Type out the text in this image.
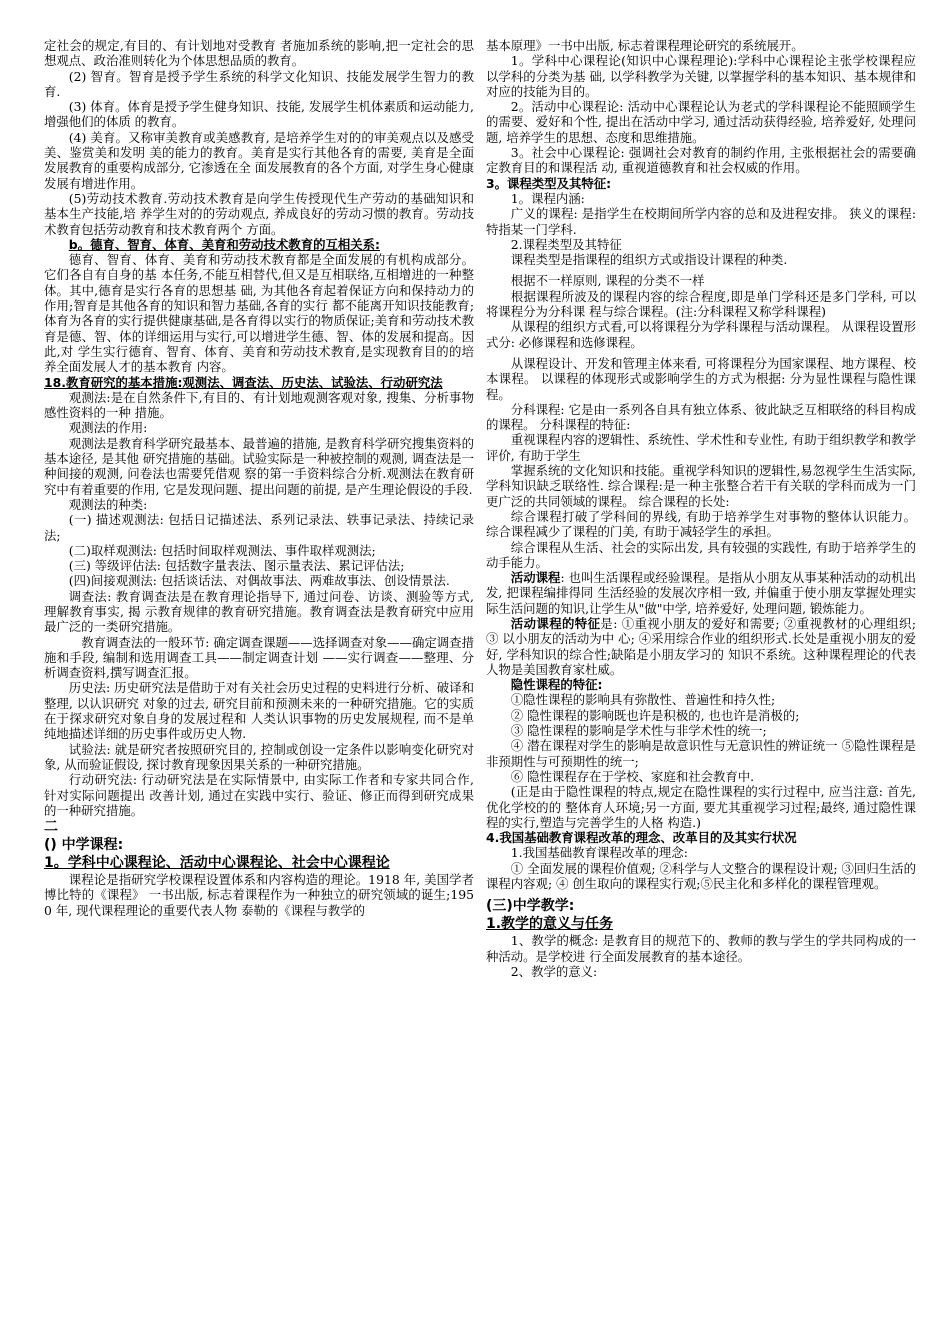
定社会的规定,有目的、有计划地对受教育 者施加系统的影响,把一定社会的思想观点、政治准则转化为个体思想品质的教育。

(2) 智育。智育是授予学生系统的科学文化知识、技能发展学生智力的教育.

(3) 体育。体育是授予学生健身知识、技能, 发展学生机体素质和运动能力, 增强他们的体质 的教育。

(4) 美育。又称审美教育或美感教育, 是培养学生对的的审美观点以及感受美、鉴赏美和发明 美的能力的教育。美育是实行其他各育的需要, 美育是全面发展教育的重要构成部分, 它渗透在全 面发展教育的各个方面, 对学生身心健康发展有增进作用。

(5)劳动技术教育.劳动技术教育是向学生传授现代生产劳动的基础知识和基本生产技能,培 养学生对的的劳动观点, 养成良好的劳动习惯的教育。劳动技术教育包括劳动教育和技术教育两个 方面。

b。德育、智育、体育、美育和劳动技术教育的互相关系:

德育、智育、体育、美育和劳动技术教育都是全面发展的有机构成部分。它们各自有自身的基 本任务,不能互相替代,但又是互相联络,互相增进的一种整体。其中,德育是实行各育的思想基 础, 为其他各育起着保证方向和保持动力的作用;智育是其他各育的知识和智力基础,各育的实行 都不能离开知识技能教育; 体育为各育的实行提供健康基础,是各育得以实行的物质保证;美育和劳动技术教育是德、智、体的详细运用与实行,可以增进学生德、智、体的发展和提高。因此,对 学生实行德育、智育、体育、美育和劳动技术教育,是实现教育目的的培养全面发展人才的基本教育 内容。

18.教育研究的基本措施:观测法、调查法、历史法、试验法、行动研究法

观测法:是在自然条件下,有目的、有计划地观测客观对象, 搜集、分析事物感性资料的一种 措施。

观测法的作用:

观测法是教育科学研究最基本、最普遍的措施, 是教育科学研究搜集资料的基本途径, 是其他 研究措施的基础。试验实际是一种被控制的观测, 调查法是一种间接的观测, 问卷法也需要凭借观 察的第一手资料综合分析.观测法在教育研究中有着重要的作用, 它是发现问题、提出问题的前提, 是产生理论假设的手段.

观测法的种类:

(一) 描述观测法: 包括日记描述法、系列记录法、轶事记录法、持续记录法;

(二)取样观测法: 包括时间取样观测法、事件取样观测法;

(三) 等级评估法: 包括数字量表法、图示量表法、累记评估法;

(四)间接观测法: 包括谈话法、对偶故事法、两难故事法、创设情景法.

调查法: 教育调查法是在教育理论指导下, 通过问卷、访谈、测验等方式, 理解教育事实, 揭 示教育规律的教育研究措施。教育调查法是教育研究中应用最广泛的一类研究措施。

教育调查法的一般环节: 确定调查课题——选择调查对象——确定调查措施和手段, 编制和选用调查工具——制定调查计划 ——实行调查——整理、分析调查资料,撰写调查汇报。

历史法: 历史研究法是借助于对有关社会历史过程的史料进行分析、破译和整理, 以认识研究 对象的过去, 研究目前和预测未来的一种研究措施。它的实质在于探求研究对象自身的发展过程和 人类认识事物的历史发展规程, 而不是单纯地描述详细的历史事件或历史人物.

试验法: 就是研究者按照研究目的, 控制或创设一定条件以影响变化研究对象, 从而验证假设, 探讨教育现象因果关系的一种研究措施。

行动研究法: 行动研究法是在实际情景中, 由实际工作者和专家共同合作, 针对实际问题提出 改善计划, 通过在实践中实行、验证、修正而得到研究成果的一种研究措施。

二

() 中学课程:

1。学科中心课程论、活动中心课程论、社会中心课程论

课程论是指研究学校课程设置体系和内容构造的理论。1918 年, 美国学者博比特的《课程》 一书出版, 标志着课程作为一种独立的研究领域的诞生;1950 年, 现代课程理论的重要代表人物 泰勒的《课程与教学的

基本原理》一书中出版, 标志着课程理论研究的系统展开。

1。学科中心课程论(知识中心课程理论):学科中心课程论主张学校课程应以学科的分类为基 础, 以学科教学为关键, 以掌握学科的基本知识、基本规律和对应的技能为目的。

2。活动中心课程论: 活动中心课程论认为老式的学科课程论不能照顾学生的需要、爱好和个性, 提出在活动中学习, 通过活动获得经验, 培养爱好, 处理问题, 培养学生的思想、态度和思维措施。

3。社会中心课程论: 强调社会对教育的制约作用, 主张根据社会的需要确定教育目的和课程活 动, 重视道德教育和社会权威的作用。

3。课程类型及其特征:

1。课程内涵:

广义的课程: 是指学生在校期间所学内容的总和及进程安排。 狭义的课程: 特指某一门学科.

2.课程类型及其特征

课程类型是指课程的组织方式或指设计课程的种类.

根据不一样原则, 课程的分类不一样

根据课程所波及的课程内容的综合程度,即是单门学科还是多门学科, 可以将课程分为分科课 程与综合课程。(注:分科课程又称学科课程)

从课程的组织方式看,可以将课程分为学科课程与活动课程。 从课程设置形式分: 必修课程和选修课程。

从课程设计、开发和管理主体来看, 可将课程分为国家课程、地方课程、校本课程。 以课程的体现形式或影响学生的方式为根据: 分为显性课程与隐性课程。

分科课程: 它是由一系列各自具有独立体系、彼此缺乏互相联络的科目构成的课程。 分科课程的特征:

重视课程内容的逻辑性、系统性、学术性和专业性, 有助于组织教学和教学评价, 有助于学生

掌握系统的文化知识和技能。重视学科知识的逻辑性,易忽视学生生活实际,学科知识缺乏联络性. 综合课程:是一种主张整合若干有关联的学科而成为一门更广泛的共同领域的课程。 综合课程的长处:

综合课程打破了学科间的界线, 有助于培养学生对事物的整体认识能力。 综合课程减少了课程的门美, 有助于减轻学生的承担。

综合课程从生活、社会的实际出发, 具有较强的实践性, 有助于培养学生的动手能力。

活动课程: 也叫生活课程或经验课程。是指从小朋友从事某种活动的动机出发, 把课程编排得同 生活经验的发展次序相一致, 并偏重于使小朋友掌握处理实际生活问题的知识,让学生从"做"中学, 培养爱好, 处理问题, 锻炼能力。

活动课程的特征是: ①重视小朋友的爱好和需要; ②重视教材的心理组织; ③ 以小朋友的活动为中 心; ④采用综合作业的组织形式.长处是重视小朋友的爱好, 学科知识的综合性;缺陷是小朋友学习的 知识不系统。这种课程理论的代表人物是美国教育家杜威。

隐性课程的特征:

①隐性课程的影响具有弥散性、普遍性和持久性;

② 隐性课程的影响既也许是积极的, 也也许是消极的;

③ 隐性课程的影响是学术性与非学术性的统一;

④ 潜在课程对学生的影响是故意识性与无意识性的辨证统一 ⑤隐性课程是非预期性与可预期性的统一;

⑥ 隐性课程存在于学校、家庭和社会教育中.

(正是由于隐性课程的特点,规定在隐性课程的实行过程中, 应当注意: 首先, 优化学校的的 整体育人环境;另一方面, 要尤其重视学习过程;最终, 通过隐性课程的实行,塑造与完善学生的人格 构造.)

4.我国基础教育课程改革的理念、改革目的及其实行状况

1.我国基础教育课程改革的理念:

① 全面发展的课程价值观; ②科学与人文整合的课程设计观; ③回归生活的课程内容观; ④ 创生取向的课程实行观;⑤民主化和多样化的课程管理观。

(三)中学教学:

1.教学的意义与任务

1、教学的概念: 是教育目的规范下的、教师的教与学生的学共同构成的一种活动。是学校进 行全面发展教育的基本途径。

2、教学的意义:
